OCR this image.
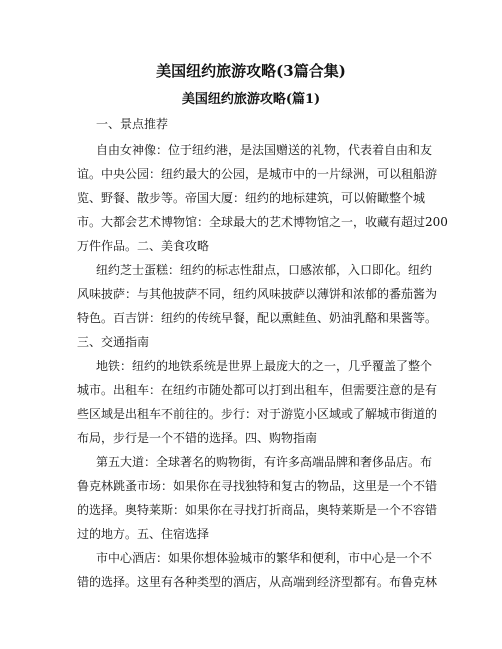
美国纽约旅游攻略(3篇合集)
美国纽约旅游攻略(篇1)
一、景点推荐
自由女神像：位于纽约港，是法国赠送的礼物，代表着自由和友
谊。中央公园：纽约最大的公园，是城市中的一片绿洲，可以租船游
览、野餐、散步等。帝国大厦：纽约的地标建筑，可以俯瞰整个城
市。大都会艺术博物馆：全球最大的艺术博物馆之一，收藏有超过200
万件作品。二、美食攻略
纽约芝士蛋糕：纽约的标志性甜点，口感浓郁，入口即化。纽约
风味披萨：与其他披萨不同，纽约风味披萨以薄饼和浓郁的番茄酱为
特色。百吉饼：纽约的传统早餐，配以熏鲑鱼、奶油乳酪和果酱等。
三、交通指南
地铁：纽约的地铁系统是世界上最庞大的之一，几乎覆盖了整个
城市。出租车：在纽约市随处都可以打到出租车，但需要注意的是有
些区域是出租车不前往的。步行：对于游览小区域或了解城市街道的
布局，步行是一个不错的选择。四、购物指南
第五大道：全球著名的购物街，有许多高端品牌和奢侈品店。布
鲁克林跳蚤市场：如果你在寻找独特和复古的物品，这里是一个不错
的选择。奥特莱斯：如果你在寻找打折商品，奥特莱斯是一个不容错
过的地方。五、住宿选择
市中心酒店：如果你想体验城市的繁华和便利，市中心是一个不
错的选择。这里有各种类型的酒店，从高端到经济型都有。布鲁克林
